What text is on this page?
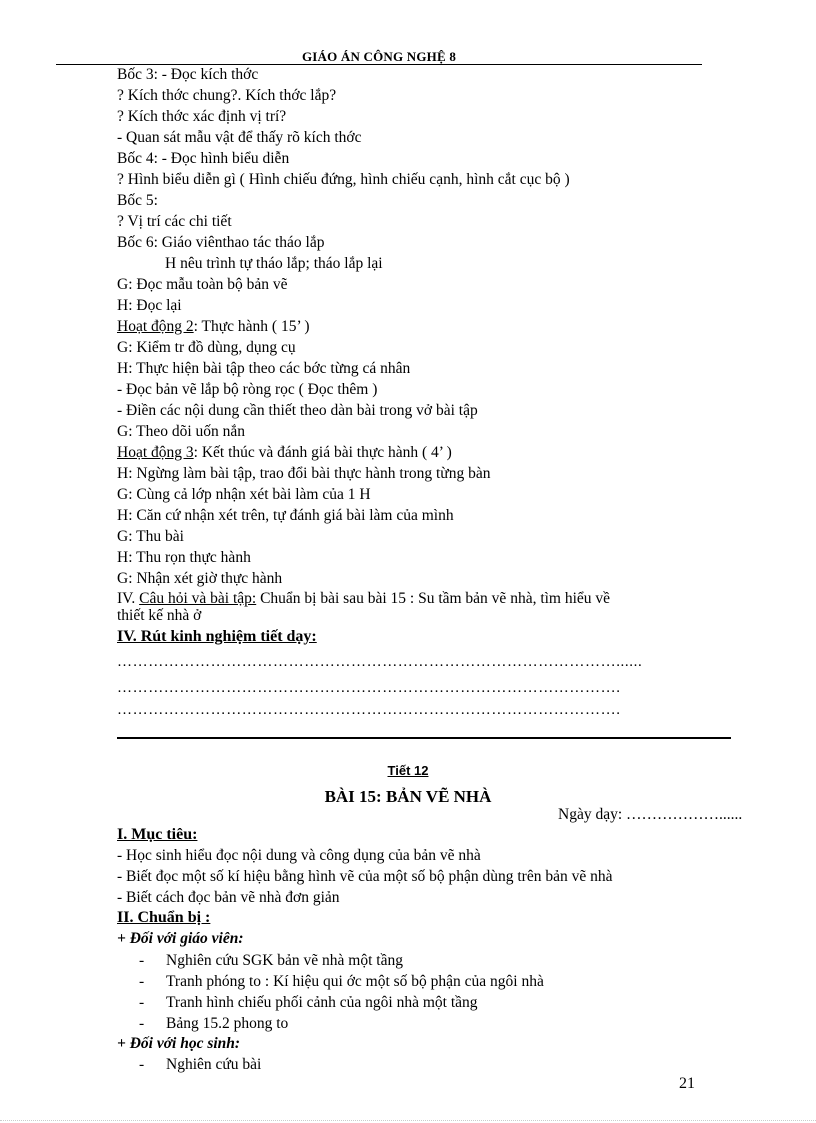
GIÁO ÁN CÔNG NGHỆ 8
Bốc 3: - Đọc kích thớc
? Kích thớc chung?. Kích thớc lắp?
? Kích thớc xác định vị trí?
- Quan sát mẫu vật để thấy rõ kích thớc
Bốc 4: - Đọc hình biểu diễn
? Hình biểu diễn gì ( Hình chiếu đứng, hình chiếu cạnh, hình cắt cục bộ )
Bốc 5:
? Vị trí các chi tiết
Bốc 6: Giáo viênthao tác tháo lắp
H nêu trình tự tháo lắp; tháo lắp lại
G: Đọc mẫu toàn bộ bản vẽ
H: Đọc lại
Hoạt động 2: Thực hành ( 15’ )
G: Kiểm tr đồ dùng, dụng cụ
H: Thực hiện bài tập theo các bớc từng cá nhân
- Đọc bản vẽ lắp bộ ròng rọc ( Đọc thêm )
- Điền các nội dung cần thiết theo dàn bài trong vở bài tập
G: Theo dõi uốn nắn
Hoạt động 3: Kết thúc và đánh giá bài thực hành ( 4’ )
H: Ngừng làm bài tập, trao đổi bài thực hành trong từng bàn
G: Cùng cả lớp nhận xét bài làm của 1 H
H: Căn cứ nhận xét trên, tự đánh giá bài làm của mình
G: Thu bài
H: Thu rọn thực hành
G: Nhận xét giờ thực hành
IV. Câu hỏi và bài tập: Chuẩn bị bài sau bài 15 : Su tầm bản vẽ nhà, tìm hiểu về
thiết kế nhà ở
IV. Rút kinh nghiệm tiết dạy:
……………………………………………………………………………………......
…………………………………………………………………………………….
…………………………………………………………………………………….
Tiết 12
BÀI 15: BẢN VẼ NHÀ
Ngày dạy: ………………......
I. Mục tiêu:
- Học sinh hiểu đọc nội dung và công dụng của bản vẽ nhà
- Biết đọc một số kí hiệu bằng hình vẽ của một số bộ phận dùng trên bản vẽ nhà
- Biết cách đọc bản vẽ nhà đơn giản
II. Chuẩn bị :
+ Đối với giáo viên:
- Nghiên cứu SGK bản vẽ nhà một tầng
- Tranh phóng to : Kí hiệu qui ớc một số bộ phận của ngôi nhà
- Tranh hình chiếu phối cảnh của ngôi nhà một tầng
- Bảng 15.2 phong to
+ Đối với học sinh:
- Nghiên cứu bài
21
